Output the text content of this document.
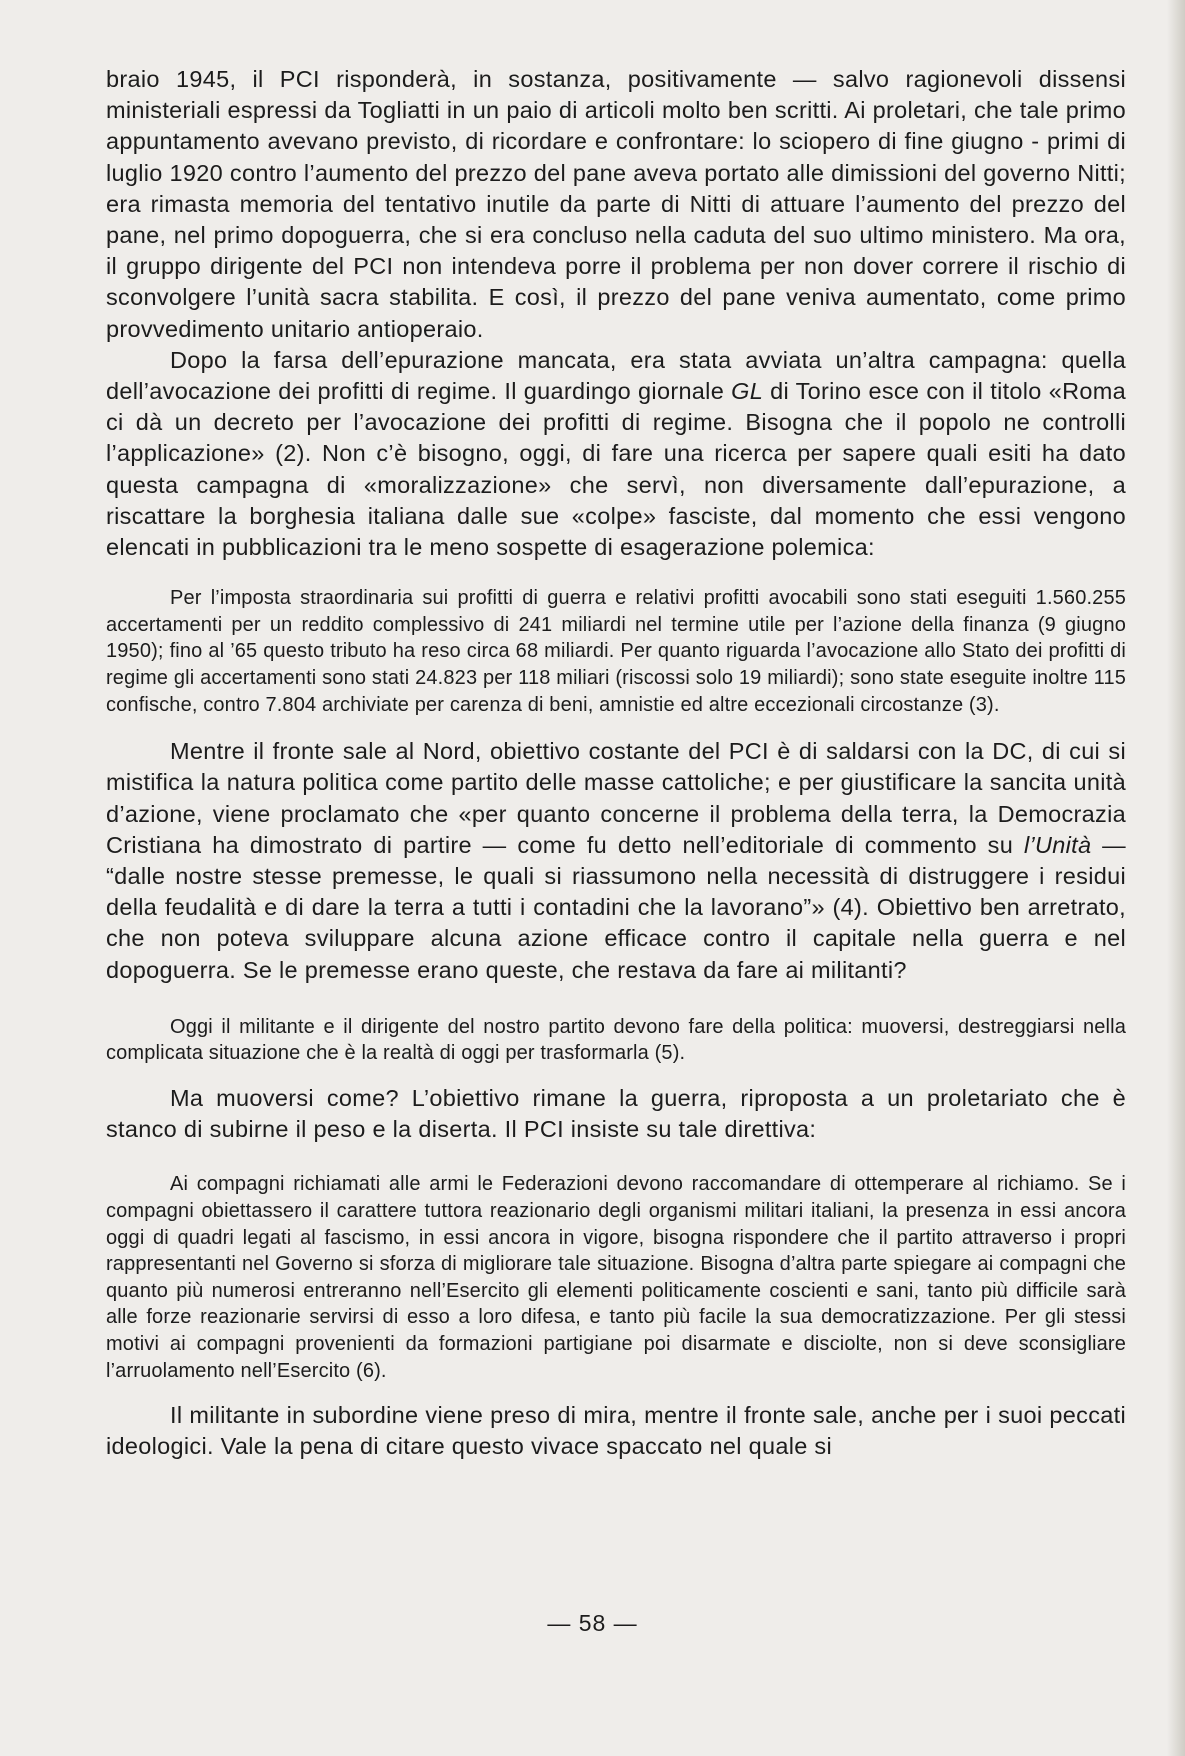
braio 1945, il PCI risponderà, in sostanza, positivamente — salvo ragionevoli dissensi ministeriali espressi da Togliatti in un paio di articoli molto ben scritti. Ai proletari, che tale primo appuntamento avevano previsto, di ricordare e confrontare: lo sciopero di fine giugno - primi di luglio 1920 contro l’aumento del prezzo del pane aveva portato alle dimissioni del governo Nitti; era rimasta memoria del tentativo inutile da parte di Nitti di attuare l’aumento del prezzo del pane, nel primo dopoguerra, che si era concluso nella caduta del suo ultimo ministero. Ma ora, il gruppo dirigente del PCI non intendeva porre il problema per non dover correre il rischio di sconvolgere l’unità sacra stabilita. E così, il prezzo del pane veniva aumentato, come primo provvedimento unitario antioperaio.

Dopo la farsa dell’epurazione mancata, era stata avviata un’altra campagna: quella dell’avocazione dei profitti di regime. Il guardingo giornale GL di Torino esce con il titolo «Roma ci dà un decreto per l’avocazione dei profitti di regime. Bisogna che il popolo ne controlli l’applicazione» (2). Non c’è bisogno, oggi, di fare una ricerca per sapere quali esiti ha dato questa campagna di «moralizzazione» che servì, non diversamente dall’epurazione, a riscattare la borghesia italiana dalle sue «colpe» fasciste, dal momento che essi vengono elencati in pubblicazioni tra le meno sospette di esagerazione polemica:

Per l’imposta straordinaria sui profitti di guerra e relativi profitti avocabili sono stati eseguiti 1.560.255 accertamenti per un reddito complessivo di 241 miliardi nel termine utile per l’azione della finanza (9 giugno 1950); fino al ’65 questo tributo ha reso circa 68 miliardi. Per quanto riguarda l’avocazione allo Stato dei profitti di regime gli accertamenti sono stati 24.823 per 118 miliari (riscossi solo 19 miliardi); sono state eseguite inoltre 115 confische, contro 7.804 archiviate per carenza di beni, amnistie ed altre eccezionali circostanze (3).

Mentre il fronte sale al Nord, obiettivo costante del PCI è di saldarsi con la DC, di cui si mistifica la natura politica come partito delle masse cattoliche; e per giustificare la sancita unità d’azione, viene proclamato che «per quanto concerne il problema della terra, la Democrazia Cristiana ha dimostrato di partire — come fu detto nell’editoriale di commento su l’Unità — “dalle nostre stesse premesse, le quali si riassumono nella necessità di distruggere i residui della feudalità e di dare la terra a tutti i contadini che la lavorano”» (4). Obiettivo ben arretrato, che non poteva sviluppare alcuna azione efficace contro il capitale nella guerra e nel dopoguerra. Se le premesse erano queste, che restava da fare ai militanti?

Oggi il militante e il dirigente del nostro partito devono fare della politica: muoversi, destreggiarsi nella complicata situazione che è la realtà di oggi per trasformarla (5).

Ma muoversi come? L’obiettivo rimane la guerra, riproposta a un proletariato che è stanco di subirne il peso e la diserta. Il PCI insiste su tale direttiva:

Ai compagni richiamati alle armi le Federazioni devono raccomandare di ottemperare al richiamo. Se i compagni obiettassero il carattere tuttora reazionario degli organismi militari italiani, la presenza in essi ancora oggi di quadri legati al fascismo, in essi ancora in vigore, bisogna rispondere che il partito attraverso i propri rappresentanti nel Governo si sforza di migliorare tale situazione. Bisogna d’altra parte spiegare ai compagni che quanto più numerosi entreranno nell’Esercito gli elementi politicamente coscienti e sani, tanto più difficile sarà alle forze reazionarie servirsi di esso a loro difesa, e tanto più facile la sua democratizzazione. Per gli stessi motivi ai compagni provenienti da formazioni partigiane poi disarmate e disciolte, non si deve sconsigliare l’arruolamento nell’Esercito (6).

Il militante in subordine viene preso di mira, mentre il fronte sale, anche per i suoi peccati ideologici. Vale la pena di citare questo vivace spaccato nel quale si

— 58 —
